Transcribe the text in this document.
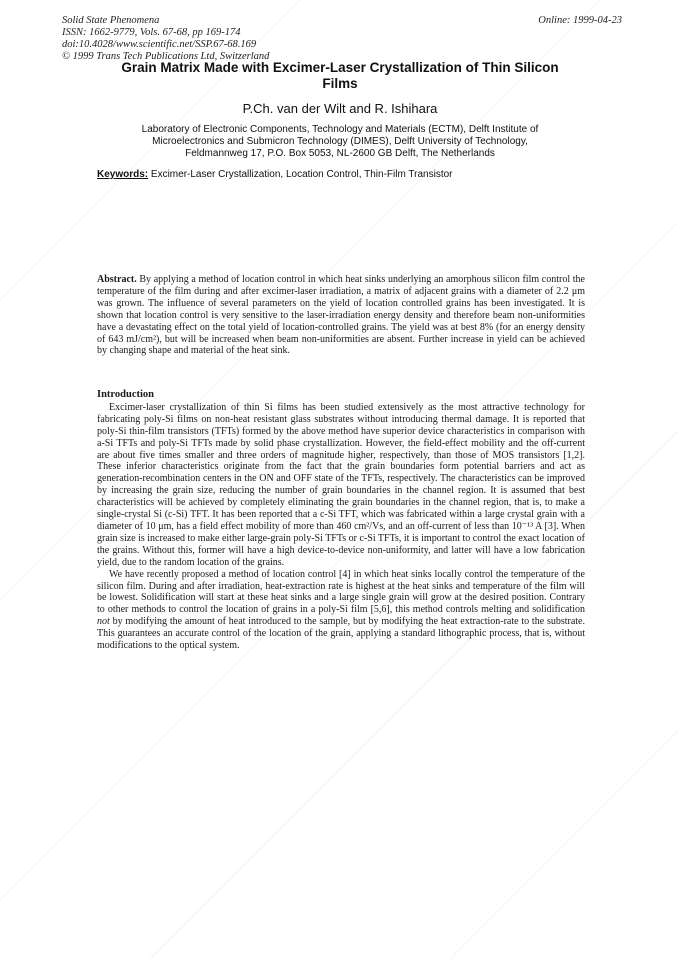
Solid State Phenomena
ISSN: 1662-9779, Vols. 67-68, pp 169-174
doi:10.4028/www.scientific.net/SSP.67-68.169
© 1999 Trans Tech Publications Ltd, Switzerland
Online: 1999-04-23
Grain Matrix Made with Excimer-Laser Crystallization of Thin Silicon
Films
P.Ch. van der Wilt and R. Ishihara
Laboratory of Electronic Components, Technology and Materials (ECTM), Delft Institute of
Microelectronics and Submicron Technology (DIMES), Delft University of Technology,
Feldmannweg 17, P.O. Box 5053, NL-2600 GB Delft, The Netherlands
Keywords: Excimer-Laser Crystallization, Location Control, Thin-Film Transistor
Abstract. By applying a method of location control in which heat sinks underlying an amorphous silicon film control the temperature of the film during and after excimer-laser irradiation, a matrix of adjacent grains with a diameter of 2.2 μm was grown. The influence of several parameters on the yield of location controlled grains has been investigated. It is shown that location control is very sensitive to the laser-irradiation energy density and therefore beam non-uniformities have a devastating effect on the total yield of location-controlled grains. The yield was at best 8% (for an energy density of 643 mJ/cm²), but will be increased when beam non-uniformities are absent. Further increase in yield can be achieved by changing shape and material of the heat sink.
Introduction

Excimer-laser crystallization of thin Si films has been studied extensively as the most attractive technology for fabricating poly-Si films on non-heat resistant glass substrates without introducing thermal damage. It is reported that poly-Si thin-film transistors (TFTs) formed by the above method have superior device characteristics in comparison with a-Si TFTs and poly-Si TFTs made by solid phase crystallization. However, the field-effect mobility and the off-current are about five times smaller and three orders of magnitude higher, respectively, than those of MOS transistors [1,2]. These inferior characteristics originate from the fact that the grain boundaries form potential barriers and act as generation-recombination centers in the ON and OFF state of the TFTs, respectively. The characteristics can be improved by increasing the grain size, reducing the number of grain boundaries in the channel region. It is assumed that best characteristics will be achieved by completely eliminating the grain boundaries in the channel region, that is, to make a single-crystal Si (c-Si) TFT. It has been reported that a c-Si TFT, which was fabricated within a large crystal grain with a diameter of 10 μm, has a field effect mobility of more than 460 cm²/Vs, and an off-current of less than 10⁻¹³ A [3]. When grain size is increased to make either large-grain poly-Si TFTs or c-Si TFTs, it is important to control the exact location of the grains. Without this, former will have a high device-to-device non-uniformity, and latter will have a low fabrication yield, due to the random location of the grains.

We have recently proposed a method of location control [4] in which heat sinks locally control the temperature of the silicon film. During and after irradiation, heat-extraction rate is highest at the heat sinks and temperature of the film will be lowest. Solidification will start at these heat sinks and a large single grain will grow at the desired position. Contrary to other methods to control the location of grains in a poly-Si film [5,6], this method controls melting and solidification not by modifying the amount of heat introduced to the sample, but by modifying the heat extraction-rate to the substrate. This guarantees an accurate control of the location of the grain, applying a standard lithographic process, that is, without modifications to the optical system.
